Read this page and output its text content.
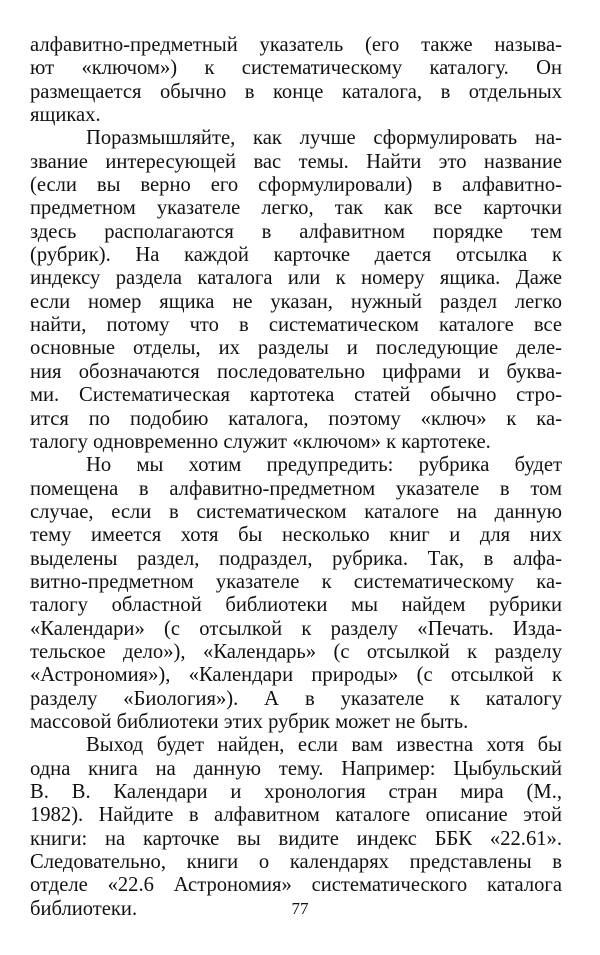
алфавитно-предметный указатель (его также называ-
ют «ключом») к систематическому каталогу. Он
размещается обычно в конце каталога, в отдельных
ящиках.
Поразмышляйте, как лучше сформулировать на-
звание интересующей вас темы. Найти это название
(если вы верно его сформулировали) в алфавитно-
предметном указателе легко, так как все карточки
здесь располагаются в алфавитном порядке тем
(рубрик). На каждой карточке дается отсылка к
индексу раздела каталога или к номеру ящика. Даже
если номер ящика не указан, нужный раздел легко
найти, потому что в систематическом каталоге все
основные отделы, их разделы и последующие деле-
ния обозначаются последовательно цифрами и буква-
ми. Систематическая картотека статей обычно стро-
ится по подобию каталога, поэтому «ключ» к ка-
талогу одновременно служит «ключом» к картотеке.
Но мы хотим предупредить: рубрика будет
помещена в алфавитно-предметном указателе в том
случае, если в систематическом каталоге на данную
тему имеется хотя бы несколько книг и для них
выделены раздел, подраздел, рубрика. Так, в алфа-
витно-предметном указателе к систематическому ка-
талогу областной библиотеки мы найдем рубрики
«Календари» (с отсылкой к разделу «Печать. Изда-
тельское дело»), «Календарь» (с отсылкой к разделу
«Астрономия»), «Календари природы» (с отсылкой к
разделу «Биология»). А в указателе к каталогу
массовой библиотеки этих рубрик может не быть.
Выход будет найден, если вам известна хотя бы
одна книга на данную тему. Например: Цыбульский
В. В. Календари и хронология стран мира (М.,
1982). Найдите в алфавитном каталоге описание этой
книги: на карточке вы видите индекс ББК «22.61».
Следовательно, книги о календарях представлены в
отделе «22.6 Астрономия» систематического каталога
библиотеки.	77
